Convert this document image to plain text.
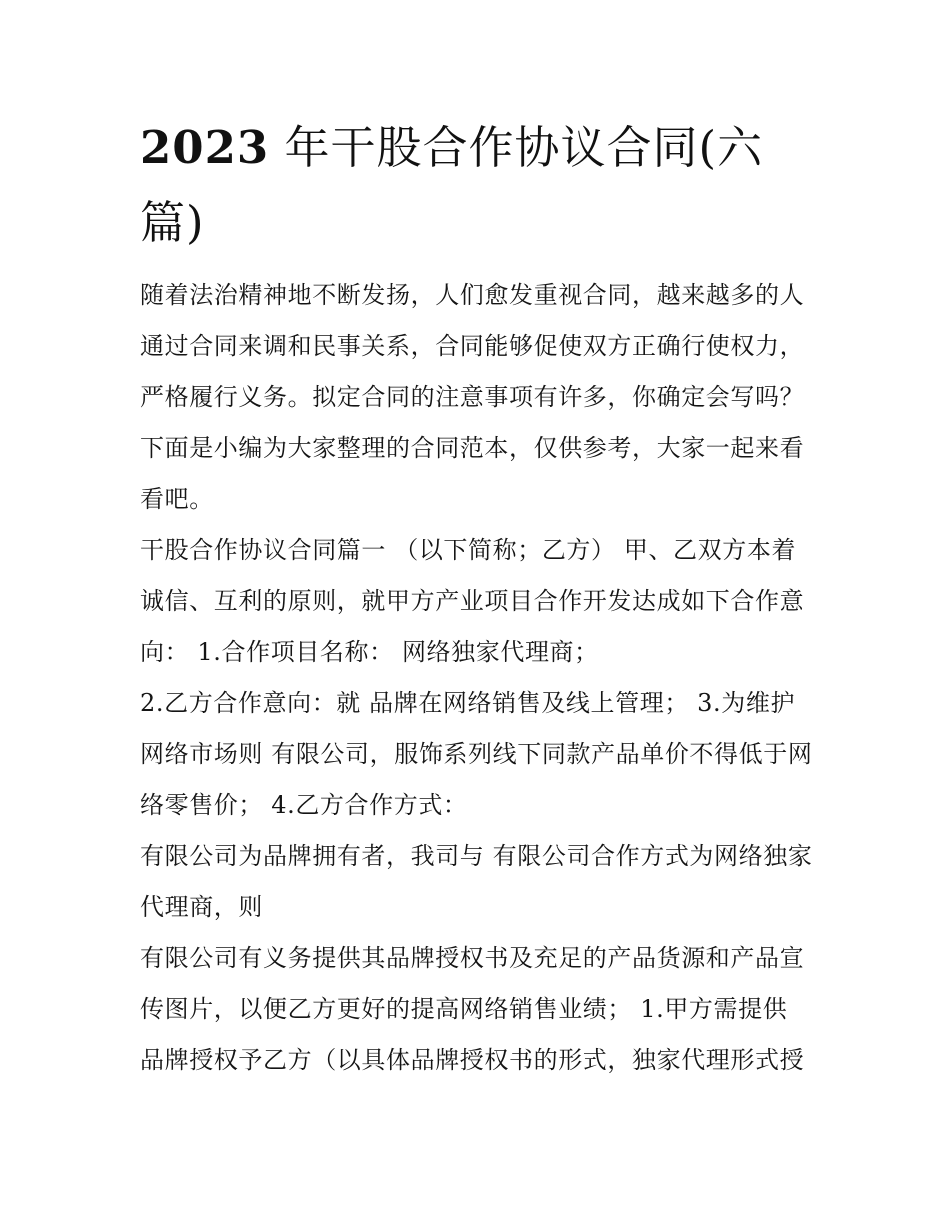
2023 年干股合作协议合同(六篇)

随着法治精神地不断发扬，人们愈发重视合同，越来越多的人通过合同来调和民事关系，合同能够促使双方正确行使权力，严格履行义务。拟定合同的注意事项有许多，你确定会写吗？下面是小编为大家整理的合同范本，仅供参考，大家一起来看看吧。

干股合作协议合同篇一 （以下简称；乙方） 甲、乙双方本着诚信、互利的原则，就甲方产业项目合作开发达成如下合作意向： 1.合作项目名称： 网络独家代理商；

2.乙方合作意向：就 品牌在网络销售及线上管理； 3.为维护网络市场则 有限公司，服饰系列线下同款产品单价不得低于网络零售价； 4.乙方合作方式：

有限公司为品牌拥有者，我司与 有限公司合作方式为网络独家代理商，则

有限公司有义务提供其品牌授权书及充足的产品货源和产品宣传图片，以便乙方更好的提高网络销售业绩； 1.甲方需提供 品牌授权予乙方（以具体品牌授权书的形式，独家代理形式授
